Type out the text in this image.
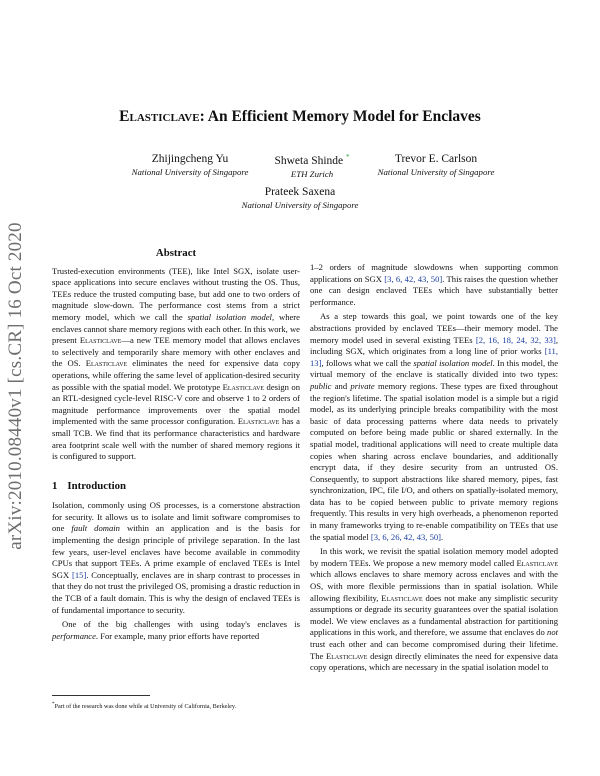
arXiv:2010.08440v1 [cs.CR] 16 Oct 2020
Elasticlave: An Efficient Memory Model for Enclaves
Zhijingcheng Yu
National University of Singapore
Shweta Shinde *
ETH Zurich
Trevor E. Carlson
National University of Singapore
Prateek Saxena
National University of Singapore
Abstract

Trusted-execution environments (TEE), like Intel SGX, isolate user-space applications into secure enclaves without trusting the OS. Thus, TEEs reduce the trusted computing base, but add one to two orders of magnitude slow-down. The performance cost stems from a strict memory model, which we call the spatial isolation model, where enclaves cannot share memory regions with each other. In this work, we present Elasticlave—a new TEE memory model that allows enclaves to selectively and temporarily share memory with other enclaves and the OS. Elasticlave eliminates the need for expensive data copy operations, while offering the same level of application-desired security as possible with the spatial model. We prototype Elasticlave design on an RTL-designed cycle-level RISC-V core and observe 1 to 2 orders of magnitude performance improvements over the spatial model implemented with the same processor configuration. Elasticlave has a small TCB. We find that its performance characteristics and hardware area footprint scale well with the number of shared memory regions it is configured to support.

1 Introduction

Isolation, commonly using OS processes, is a cornerstone abstraction for security. It allows us to isolate and limit software compromises to one fault domain within an application and is the basis for implementing the design principle of privilege separation. In the last few years, user-level enclaves have become available in commodity CPUs that support TEEs. A prime example of enclaved TEEs is Intel SGX [15]. Conceptually, enclaves are in sharp contrast to processes in that they do not trust the privileged OS, promising a drastic reduction in the TCB of a fault domain. This is why the design of enclaved TEEs is of fundamental importance to security.

One of the big challenges with using today's enclaves is performance. For example, many prior efforts have reported

1–2 orders of magnitude slowdowns when supporting common applications on SGX [3, 6, 42, 43, 50]. This raises the question whether one can design enclaved TEEs which have substantially better performance.

As a step towards this goal, we point towards one of the key abstractions provided by enclaved TEEs—their memory model. The memory model used in several existing TEEs [2, 16, 18, 24, 32, 33], including SGX, which originates from a long line of prior works [11, 13], follows what we call the spatial isolation model. In this model, the virtual memory of the enclave is statically divided into two types: public and private memory regions. These types are fixed throughout the region's lifetime. The spatial isolation model is a simple but a rigid model, as its underlying principle breaks compatibility with the most basic of data processing patterns where data needs to privately computed on before being made public or shared externally. In the spatial model, traditional applications will need to create multiple data copies when sharing across enclave boundaries, and additionally encrypt data, if they desire security from an untrusted OS. Consequently, to support abstractions like shared memory, pipes, fast synchronization, IPC, file I/O, and others on spatially-isolated memory, data has to be copied between public to private memory regions frequently. This results in very high overheads, a phenomenon reported in many frameworks trying to re-enable compatibility on TEEs that use the spatial model [3, 6, 26, 42, 43, 50].

In this work, we revisit the spatial isolation memory model adopted by modern TEEs. We propose a new memory model called Elasticlave which allows enclaves to share memory across enclaves and with the OS, with more flexible permissions than in spatial isolation. While allowing flexibility, Elasticlave does not make any simplistic security assumptions or degrade its security guarantees over the spatial isolation model. We view enclaves as a fundamental abstraction for partitioning applications in this work, and therefore, we assume that enclaves do not trust each other and can become compromised during their lifetime. The Elasticlave design directly eliminates the need for expensive data copy operations, which are necessary in the spatial isolation model to

*Part of the research was done while at University of California, Berkeley.
